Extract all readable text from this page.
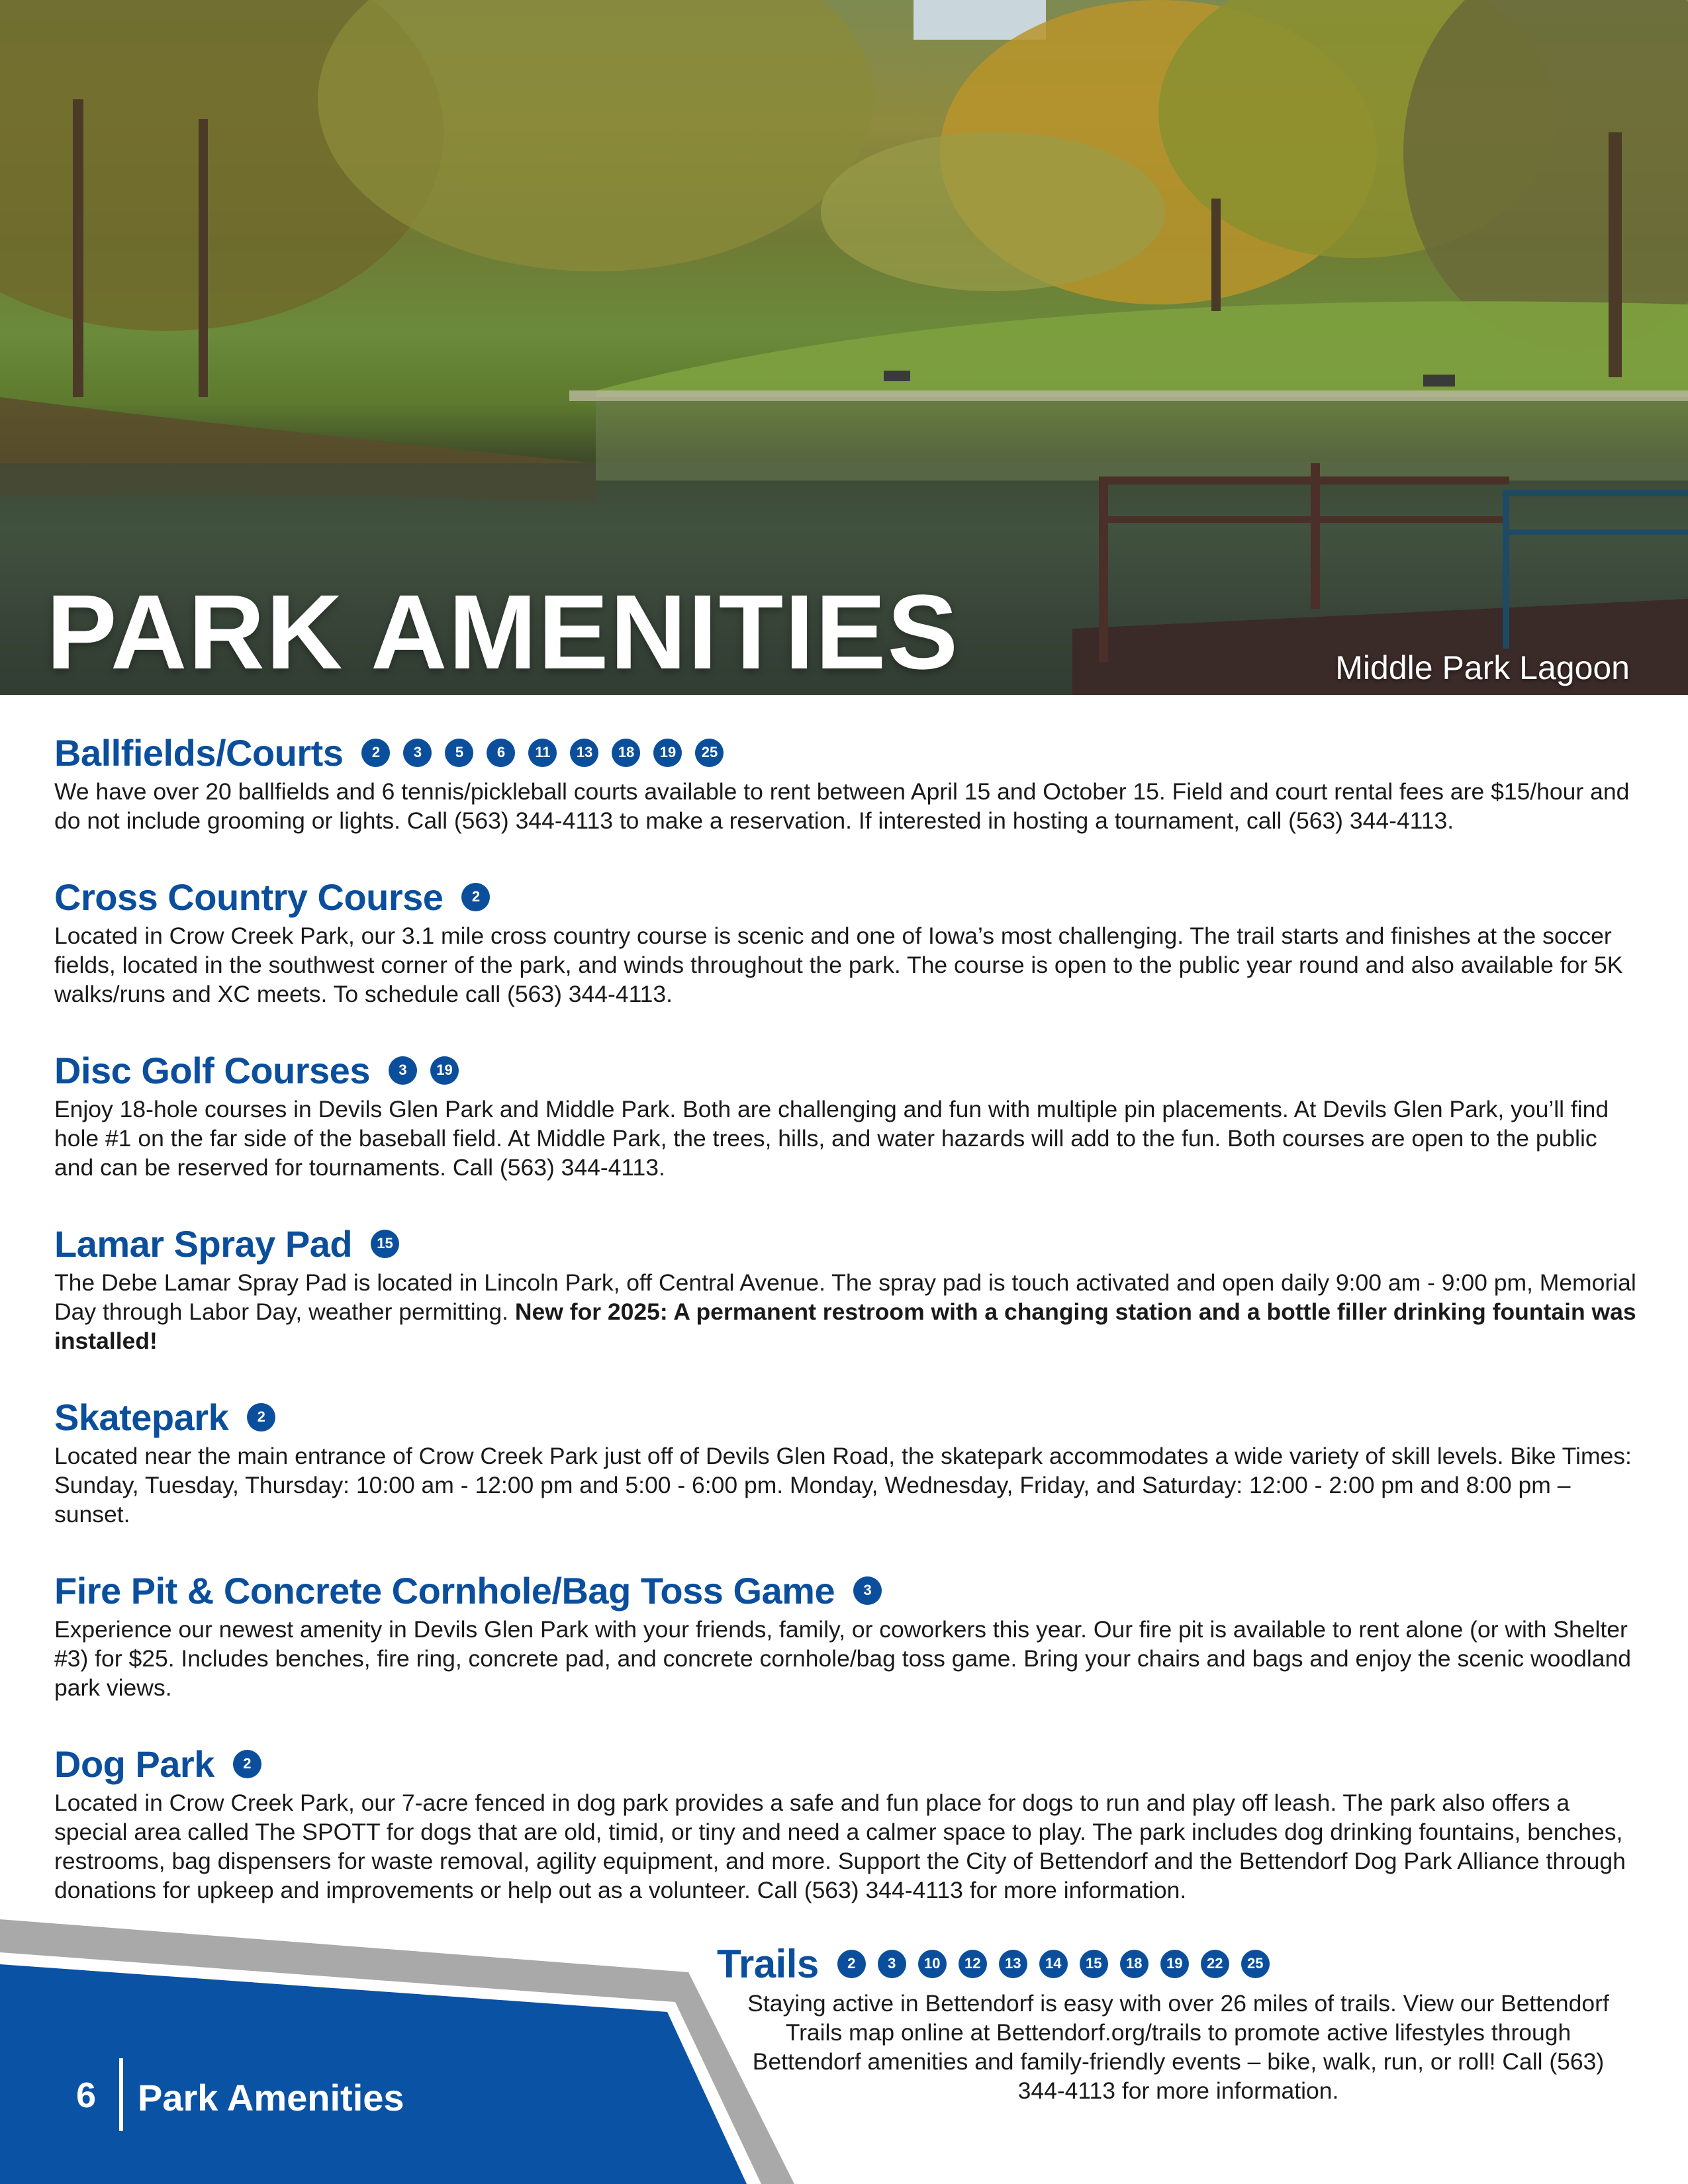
PARK AMENITIES	Middle Park Lagoon
Ballfields/Courts	2	3	5	6	11	13	18	19	25

We have over 20 ballfields and 6 tennis/pickleball courts available to rent between April 15 and October 15. Field and court rental fees are $15/hour and do not include grooming or lights. Call (563) 344-4113 to make a reservation. If interested in hosting a tournament, call (563) 344-4113.

Cross Country Course	2

Located in Crow Creek Park, our 3.1 mile cross country course is scenic and one of Iowa’s most challenging. The trail starts and finishes at the soccer fields, located in the southwest corner of the park, and winds throughout the park. The course is open to the public year round and also available for 5K walks/runs and XC meets. To schedule call (563) 344-4113.

Disc Golf Courses	3	19

Enjoy 18-hole courses in Devils Glen Park and Middle Park. Both are challenging and fun with multiple pin placements. At Devils Glen Park, you’ll find hole #1 on the far side of the baseball field. At Middle Park, the trees, hills, and water hazards will add to the fun. Both courses are open to the public and can be reserved for tournaments. Call (563) 344-4113.

Lamar Spray Pad	15

The Debe Lamar Spray Pad is located in Lincoln Park, off Central Avenue. The spray pad is touch activated and open daily 9:00 am - 9:00 pm, Memorial Day through Labor Day, weather permitting. New for 2025: A permanent restroom with a changing station and a bottle filler drinking fountain was installed!

Skatepark	2

Located near the main entrance of Crow Creek Park just off of Devils Glen Road, the skatepark accommodates a wide variety of skill levels. Bike Times: Sunday, Tuesday, Thursday: 10:00 am - 12:00 pm and 5:00 - 6:00 pm. Monday, Wednesday, Friday, and Saturday: 12:00 - 2:00 pm and 8:00 pm – sunset.

Fire Pit & Concrete Cornhole/Bag Toss Game	3

Experience our newest amenity in Devils Glen Park with your friends, family, or coworkers this year. Our fire pit is available to rent alone (or with Shelter #3) for $25. Includes benches, fire ring, concrete pad, and concrete cornhole/bag toss game. Bring your chairs and bags and enjoy the scenic woodland park views.

Dog Park	2

Located in Crow Creek Park, our 7-acre fenced in dog park provides a safe and fun place for dogs to run and play off leash. The park also offers a special area called The SPOTT for dogs that are old, timid, or tiny and need a calmer space to play. The park includes dog drinking fountains, benches, restrooms, bag dispensers for waste removal, agility equipment, and more. Support the City of Bettendorf and the Bettendorf Dog Park Alliance through donations for upkeep and improvements or help out as a volunteer. Call (563) 344-4113 for more information.

6 Park Amenities
Trails	2	3	10	12	13	14	15	18	19	22	25

Staying active in Bettendorf is easy with over 26 miles of trails. View our Bettendorf Trails map online at Bettendorf.org/trails to promote active lifestyles through Bettendorf amenities and family-friendly events – bike, walk, run, or roll! Call (563) 344-4113 for more information.
